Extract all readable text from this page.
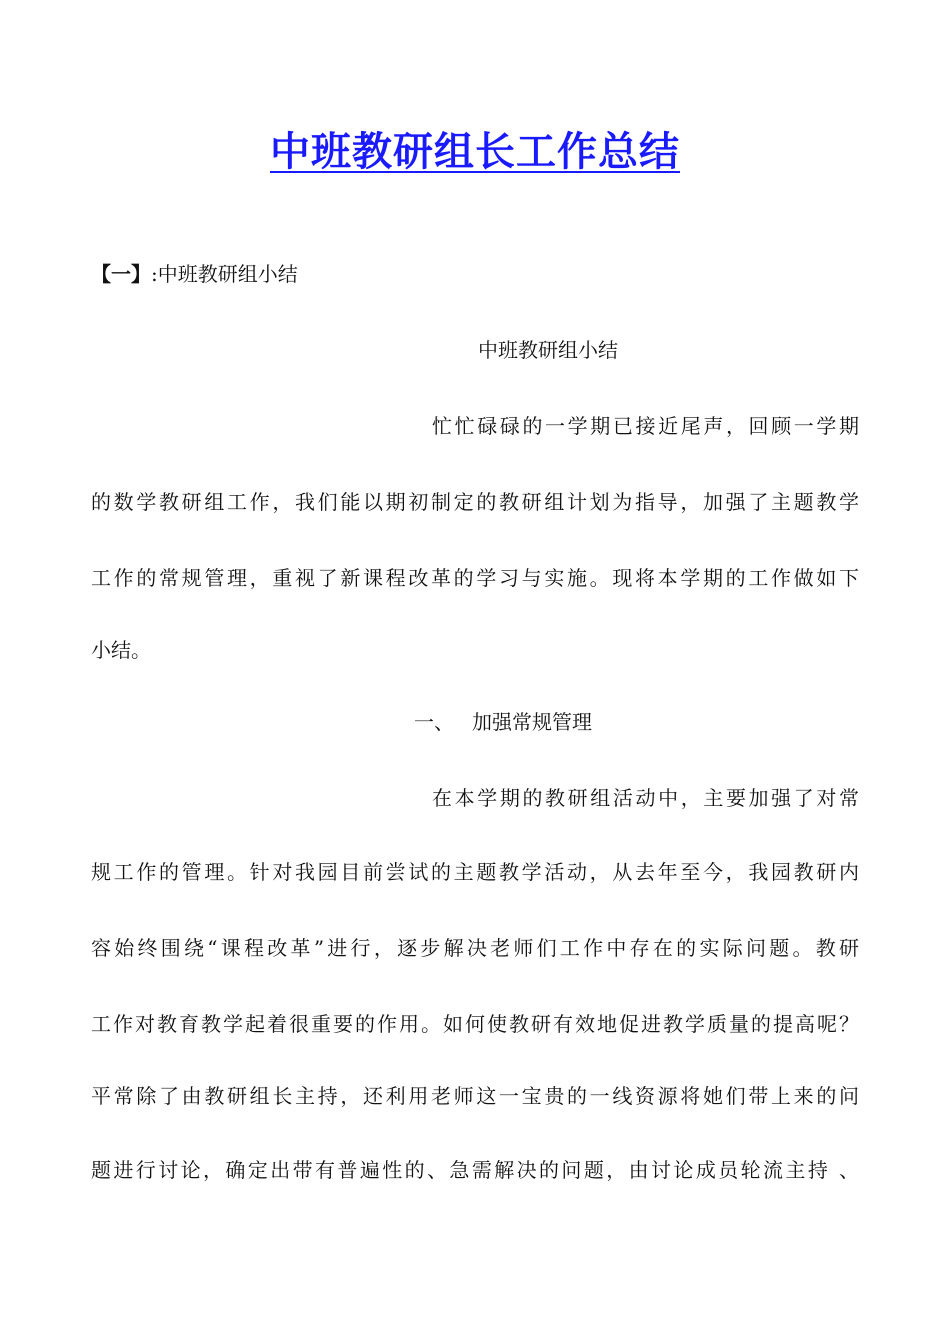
中班教研组长工作总结
【一】:中班教研组小结
中班教研组小结
忙忙碌碌的一学期已接近尾声，回顾一学期
的数学教研组工作，我们能以期初制定的教研组计划为指导，加强了主题教学
工作的常规管理，重视了新课程改革的学习与实施。现将本学期的工作做如下
小结。
一、 加强常规管理
在本学期的教研组活动中，主要加强了对常
规工作的管理。针对我园目前尝试的主题教学活动，从去年至今，我园教研内
容始终围绕“课程改革”进行，逐步解决老师们工作中存在的实际问题。教研
工作对教育教学起着很重要的作用。如何使教研有效地促进教学质量的提高呢？
平常除了由教研组长主持，还利用老师这一宝贵的一线资源将她们带上来的问
题进行讨论，确定出带有普遍性的、急需解决的问题，由讨论成员轮流主持 、
